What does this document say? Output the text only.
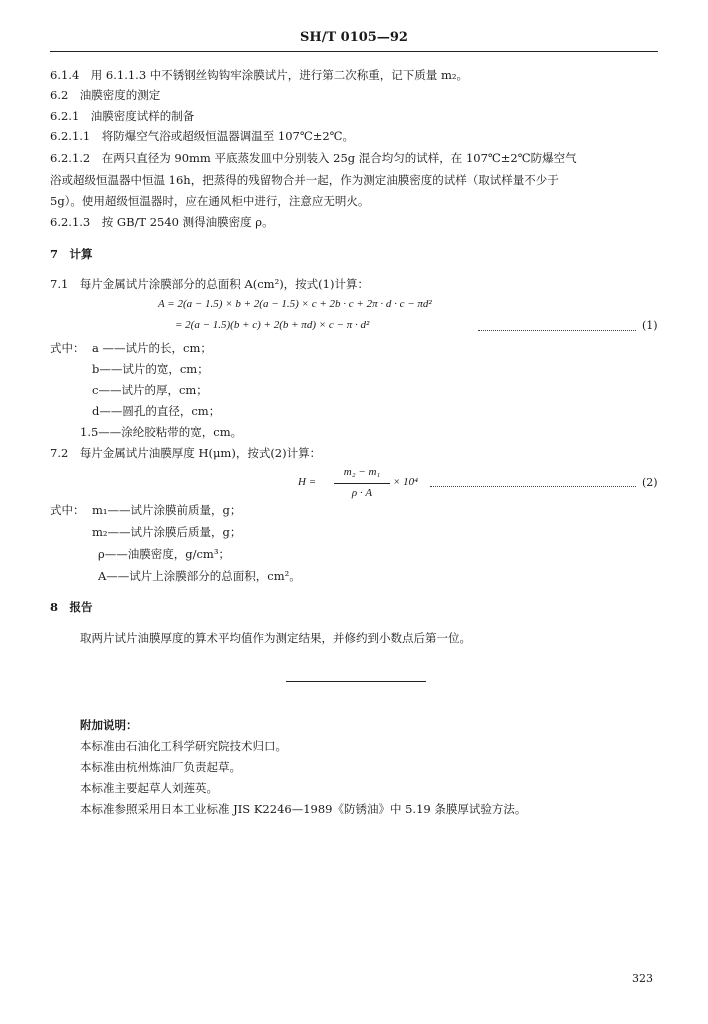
SH/T 0105—92
6.1.4　用 6.1.1.3 中不锈钢丝钩钩牢涂膜试片，进行第二次称重，记下质量 m₂。
6.2　油膜密度的测定
6.2.1　油膜密度试样的制备
6.2.1.1　将防爆空气浴或超级恒温器调温至 107℃±2℃。
6.2.1.2　在两只直径为 90mm 平底蒸发皿中分别装入 25g 混合均匀的试样，在 107℃±2℃防爆空气
浴或超级恒温器中恒温 16h，把蒸得的残留物合并一起，作为测定油膜密度的试样（取试样量不少于
5g）。使用超级恒温器时，应在通风柜中进行，注意应无明火。
6.2.1.3　按 GB/T 2540 测得油膜密度 ρ。
7　计算
7.1　每片金属试片涂膜部分的总面积 A(cm²)，按式(1)计算：
A = 2(a − 1.5) × b + 2(a − 1.5) × c + 2b · c + 2π · d · c − πd²
= 2(a − 1.5)(b + c) + 2(b + πd) × c − π · d²	(1)
式中： a ——试片的长，cm；
b——试片的宽，cm；
c——试片的厚，cm；
d——圆孔的直径，cm；
1.5——涂纶胶粘带的宽，cm。
7.2　每片金属试片油膜厚度 H(μm)，按式(2)计算：
H =
m₂ − m₁
ρ · A
× 10⁴	(2)
式中： m₁——试片涂膜前质量，g；
m₂——试片涂膜后质量，g；
ρ——油膜密度，g/cm³；
A——试片上涂膜部分的总面积，cm²。
8　报告
取两片试片油膜厚度的算术平均值作为测定结果，并修约到小数点后第一位。
附加说明：
本标准由石油化工科学研究院技术归口。
本标准由杭州炼油厂负责起草。
本标准主要起草人刘莲英。
本标准参照采用日本工业标准 JIS K2246—1989《防锈油》中 5.19 条膜厚试验方法。
323
